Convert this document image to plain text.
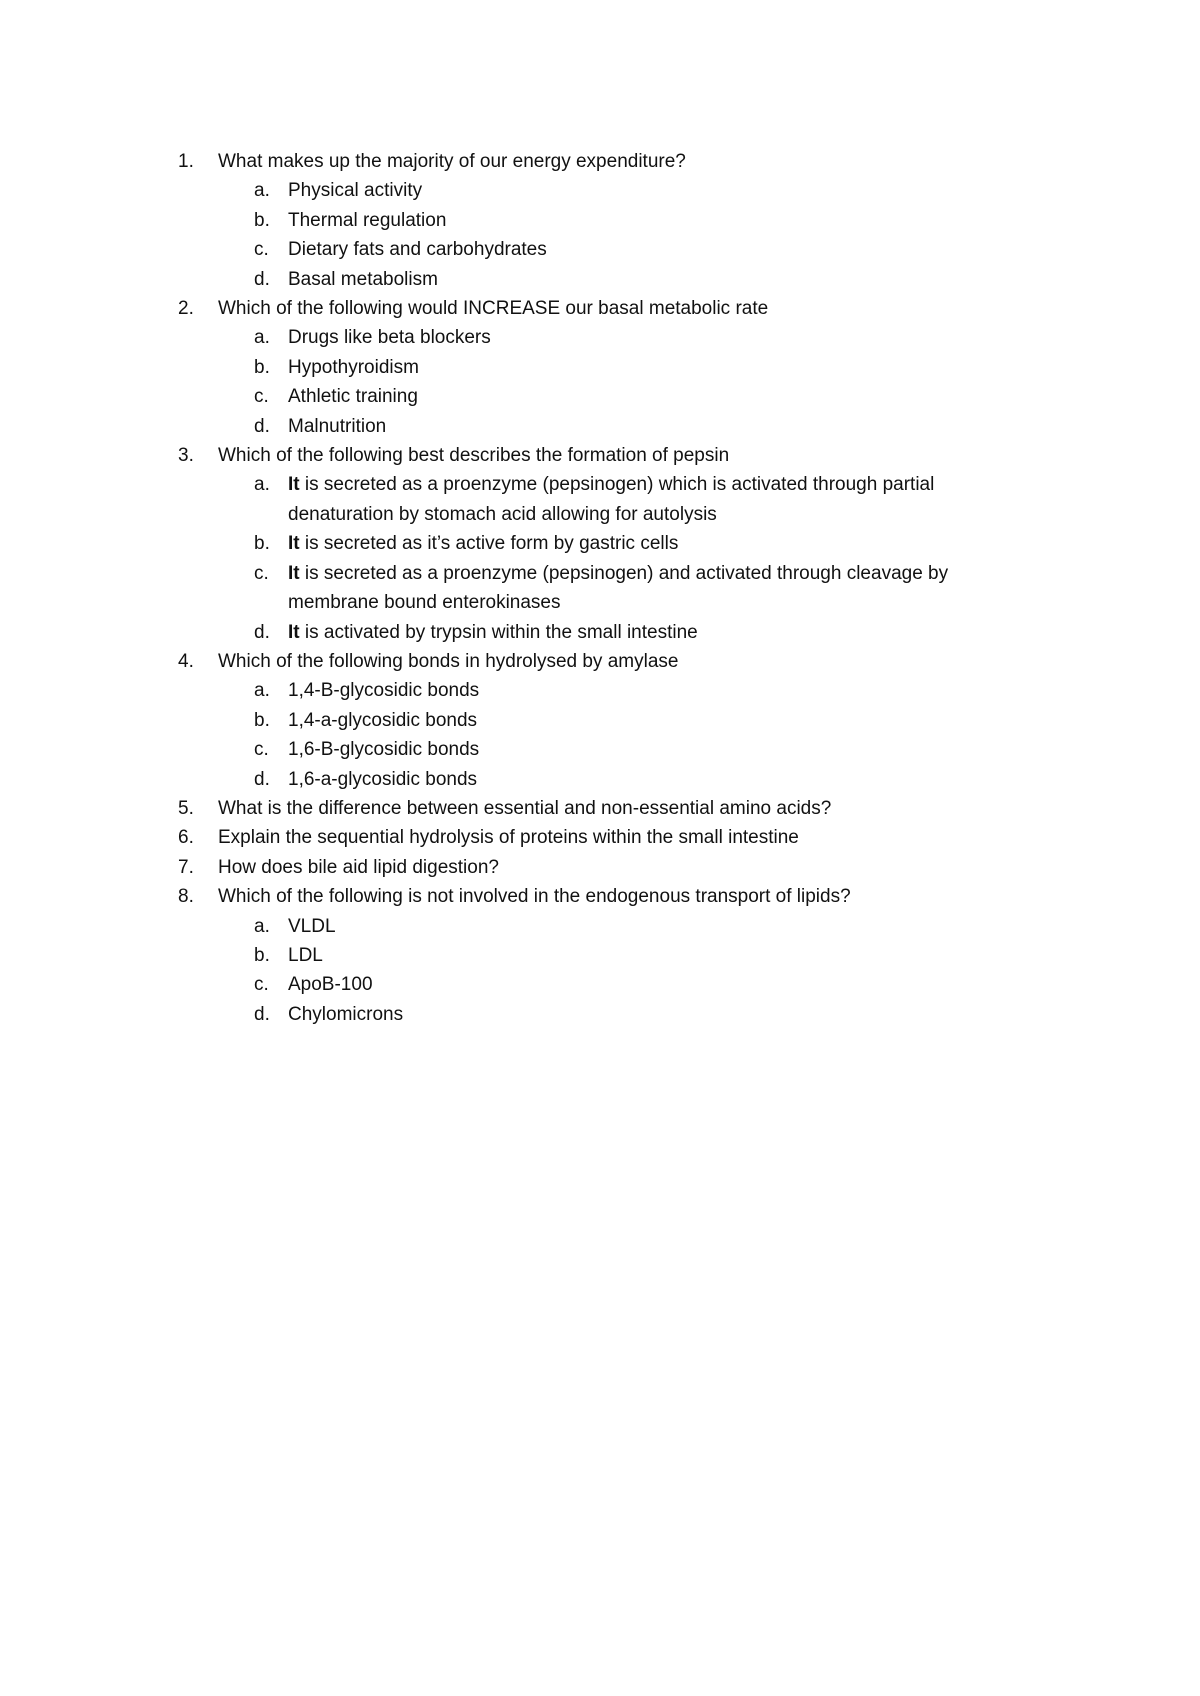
1.	What makes up the majority of our energy expenditure?
a. Physical activity
b. Thermal regulation
c.	Dietary fats and carbohydrates
d. Basal metabolism
2.	Which of the following would INCREASE our basal metabolic rate
a. Drugs like beta blockers
b. Hypothyroidism
c.	Athletic training
d. Malnutrition
3.	Which of the following best describes the formation of pepsin
a. It is secreted as a proenzyme (pepsinogen) which is activated through partial denaturation by stomach acid allowing for autolysis
b. It is secreted as it’s active form by gastric cells
c.	It is secreted as a proenzyme (pepsinogen) and activated through cleavage by membrane bound enterokinases
d. It is activated by trypsin within the small intestine
4.	Which of the following bonds in hydrolysed by amylase
a. 1,4-B-glycosidic bonds
b. 1,4-a-glycosidic bonds
c.	1,6-B-glycosidic bonds
d. 1,6-a-glycosidic bonds
5.	What is the difference between essential and non-essential amino acids?
6.	Explain the sequential hydrolysis of proteins within the small intestine
7.	How does bile aid lipid digestion?
8.	Which of the following is not involved in the endogenous transport of lipids?
a. VLDL
b. LDL
c.	ApoB-100
d. Chylomicrons
